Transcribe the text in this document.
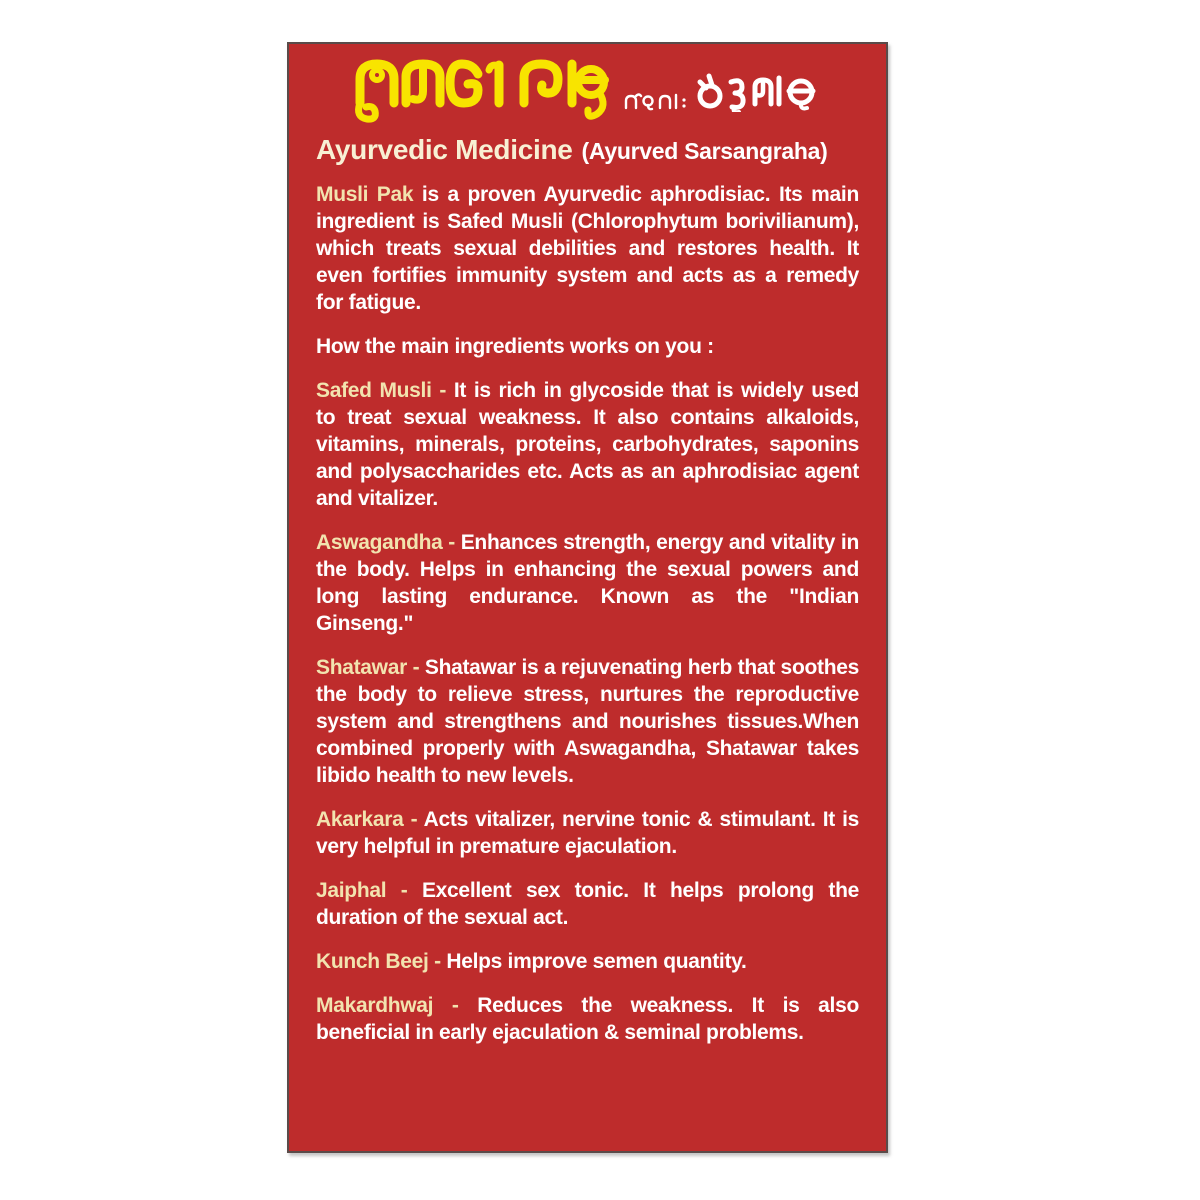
Ayurvedic Medicine (Ayurved Sarsangraha)

Musli Pak is a proven Ayurvedic aphrodisiac. Its main ingredient is Safed Musli (Chlorophytum borivilianum), which treats sexual debilities and restores health. It even fortifies immunity system and acts as a remedy for fatigue.

How the main ingredients works on you :

Safed Musli - It is rich in glycoside that is widely used to treat sexual weakness. It also contains alkaloids, vitamins, minerals, proteins, carbohydrates, saponins and polysaccharides etc. Acts as an aphrodisiac agent and vitalizer.

Aswagandha - Enhances strength, energy and vitality in the body. Helps in enhancing the sexual powers and long lasting endurance. Known as the "Indian Ginseng."

Shatawar - Shatawar is a rejuvenating herb that soothes the body to relieve stress, nurtures the reproductive system and strengthens and nourishes tissues.When combined properly with Aswagandha, Shatawar takes libido health to new levels.

Akarkara - Acts vitalizer, nervine tonic & stimulant. It is very helpful in premature ejaculation.

Jaiphal - Excellent sex tonic. It helps prolong the duration of the sexual act.

Kunch Beej - Helps improve semen quantity.

Makardhwaj - Reduces the weakness. It is also beneficial in early ejaculation & seminal problems.
